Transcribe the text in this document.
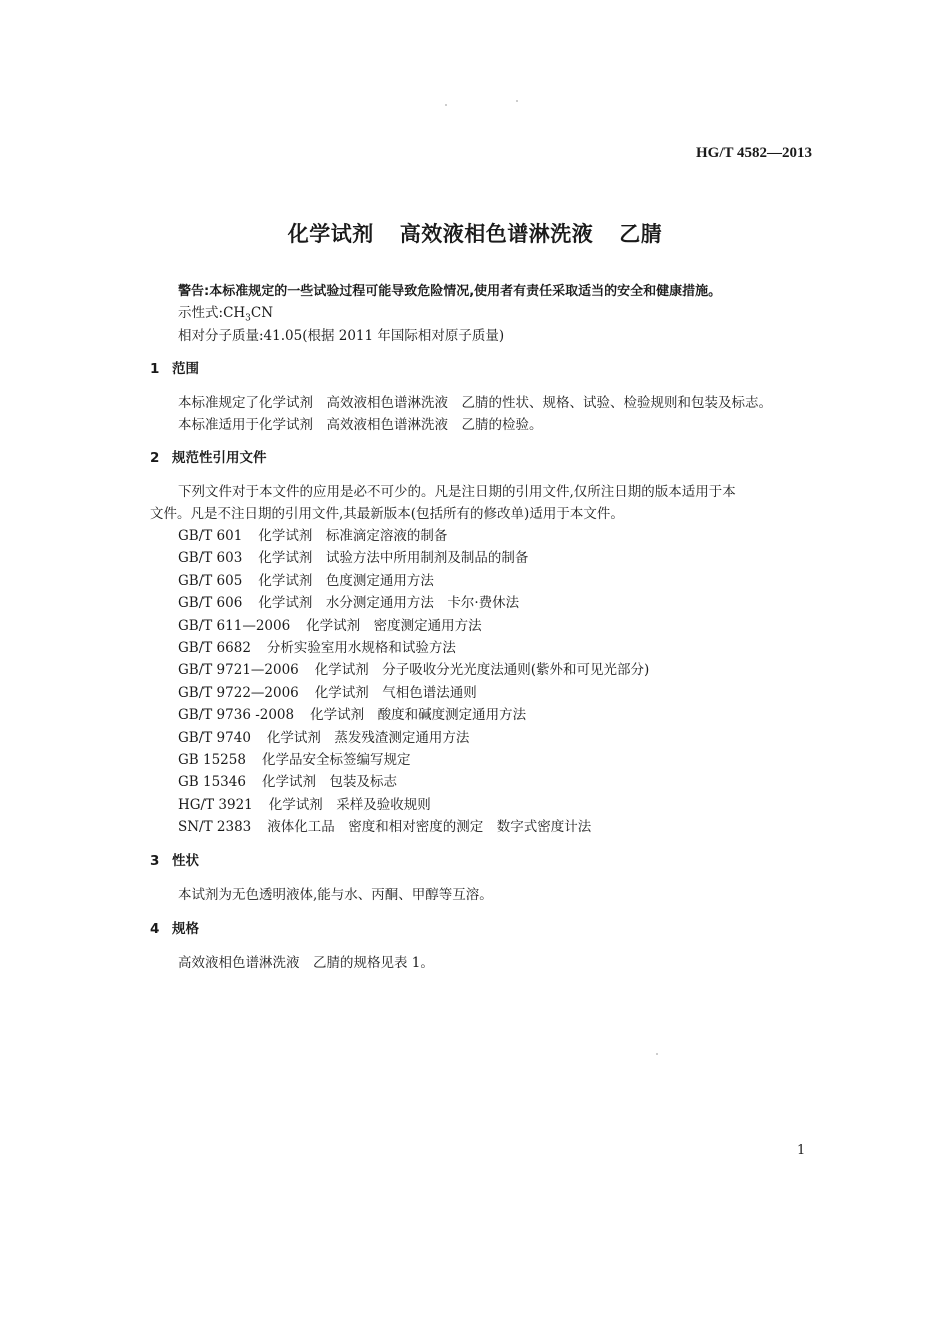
HG/T 4582—2013
化学试剂 高效液相色谱淋洗液 乙腈
警告:本标准规定的一些试验过程可能导致危险情况,使用者有责任采取适当的安全和健康措施。
示性式$:CH_3CN$
相对分子质量:41.05(根据 2011 年国际相对原子质量)
1 范围
本标准规定了化学试剂　高效液相色谱淋洗液　乙腈的性状、规格、试验、检验规则和包装及标志。
本标准适用于化学试剂　高效液相色谱淋洗液　乙腈的检验。
2 规范性引用文件
下列文件对于本文件的应用是必不可少的。凡是注日期的引用文件,仅所注日期的版本适用于本
文件。凡是不注日期的引用文件,其最新版本(包括所有的修改单)适用于本文件。
GB/T 601 化学试剂　标准滴定溶液的制备
GB/T 603 化学试剂　试验方法中所用制剂及制品的制备
GB/T 605 化学试剂　色度测定通用方法
GB/T 606 化学试剂　水分测定通用方法　卡尔·费休法
GB/T 611—2006 化学试剂　密度测定通用方法
GB/T 6682 分析实验室用水规格和试验方法
GB/T 9721—2006 化学试剂　分子吸收分光光度法通则(紫外和可见光部分)
GB/T 9722—2006 化学试剂　气相色谱法通则
GB/T 9736 -2008 化学试剂　酸度和碱度测定通用方法
GB/T 9740 化学试剂　蒸发残渣测定通用方法
GB 15258 化学品安全标签编写规定
GB 15346 化学试剂　包装及标志
HG/T 3921 化学试剂　采样及验收规则
SN/T 2383 液体化工品　密度和相对密度的测定　数字式密度计法
3 性状
本试剂为无色透明液体,能与水、丙酮、甲醇等互溶。
4 规格
高效液相色谱淋洗液　乙腈的规格见表 1。
1
